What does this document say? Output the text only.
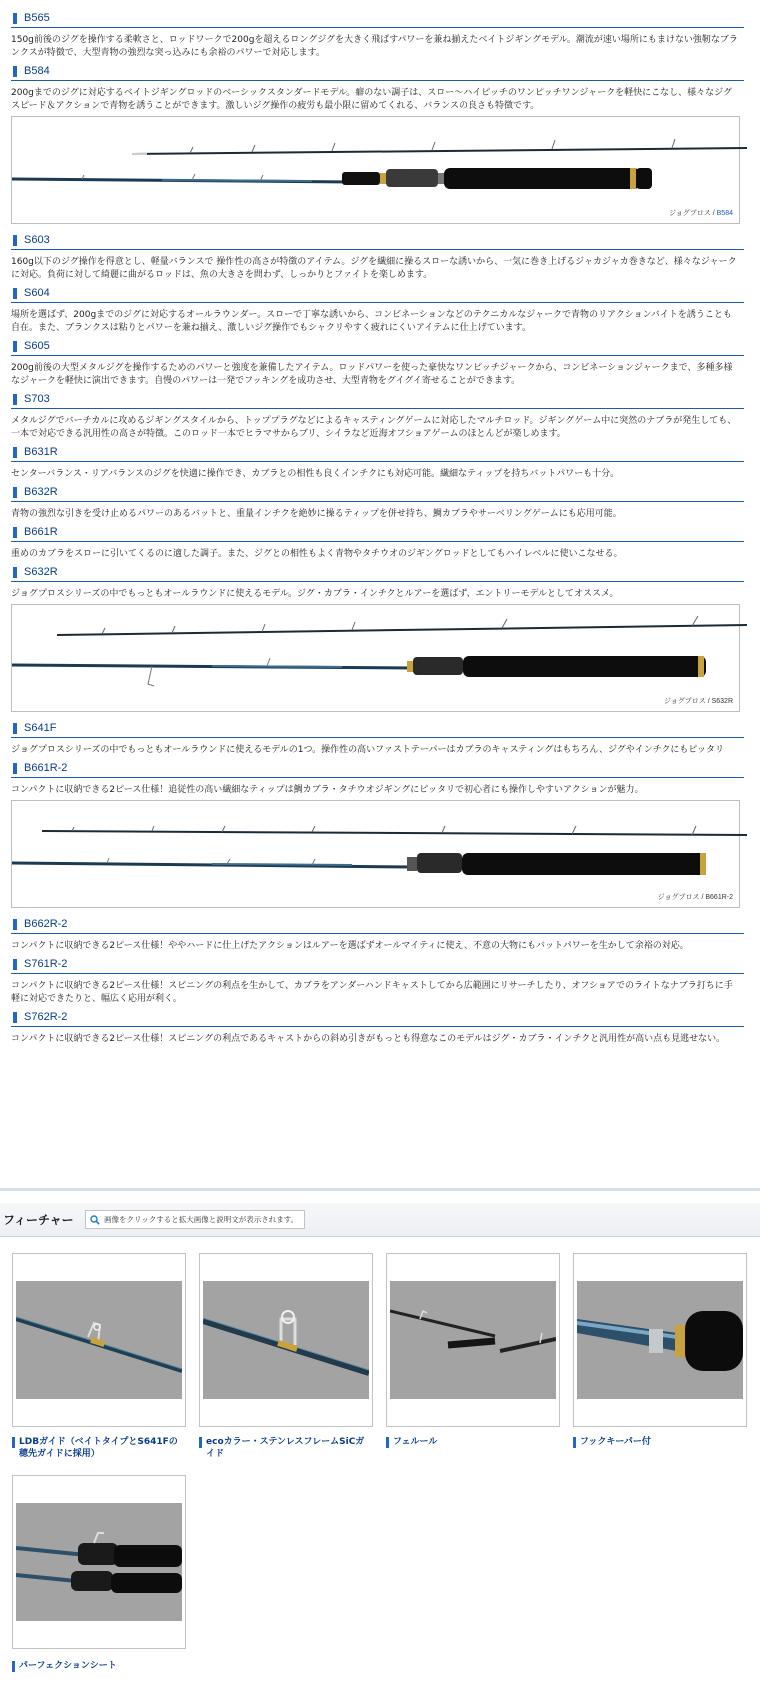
B565
150g前後のジグを操作する柔軟さと、ロッドワークで200gを超えるロングジグを大きく飛ばすパワーを兼ね揃えたベイトジギングモデル。潮流が速い場所にもまけない強靭なブランクスが特徴で、大型青物の強烈な突っ込みにも余裕のパワーで対応します。
B584
200gまでのジグに対応するベイトジギングロッドのベーシックスタンダードモデル。癖のない調子は、スロー〜ハイピッチのワンピッチワンジャークを軽快にこなし、様々なジグスピード＆アクションで青物を誘うことができます。激しいジグ操作の疲労も最小限に留めてくれる、バランスの良さも特徴です。
ジョグプロス / B584
S603
160g以下のジグ操作を得意とし、軽量バランスで 操作性の高さが特徴のアイテム。ジグを繊細に操るスローな誘いから、一気に巻き上げるジャカジャカ巻きなど、様々なジャークに対応。負荷に対して綺麗に曲がるロッドは、魚の大きさを問わず、しっかりとファイトを楽しめます。
S604
場所を選ばず、200gまでのジグに対応するオールラウンダー。スローで丁寧な誘いから、コンビネーションなどのテクニカルなジャークで青物のリアクションバイトを誘うことも自在。また、ブランクスは粘りとパワーを兼ね揃え、激しいジグ操作でもシャクリやすく疲れにくいアイテムに仕上げています。
S605
200g前後の大型メタルジグを操作するためのパワーと強度を兼備したアイテム。ロッドパワーを使った豪快なワンピッチジャークから、コンビネーションジャークまで、多種多様なジャークを軽快に演出できます。自慢のパワーは一発でフッキングを成功させ、大型青物をグイグイ寄せることができます。
S703
メタルジグでバーチカルに攻めるジギングスタイルから、トッププラグなどによるキャスティングゲームに対応したマルチロッド。ジギングゲーム中に突然のナブラが発生しても、一本で対応できる汎用性の高さが特徴。このロッド一本でヒラマサからブリ、シイラなど近海オフショアゲームのほとんどが楽しめます。
B631R
センターバランス・リアバランスのジグを快適に操作でき、カブラとの相性も良くインチクにも対応可能。繊細なティップを持ちバットパワーも十分。
B632R
青物の強烈な引きを受け止めるパワーのあるバットと、重量インチクを絶妙に操るティップを併せ持ち、鯛カブラやサーベリングゲームにも応用可能。
B661R
重めのカブラをスローに引いてくるのに適した調子。また、ジグとの相性もよく青物やタチウオのジギングロッドとしてもハイレベルに使いこなせる。
S632R
ジョグプロスシリーズの中でもっともオールラウンドに使えるモデル。ジグ・カブラ・インチクとルアーを選ばず、エントリーモデルとしてオススメ。
ジョグプロス / S632R
S641F
ジョグプロスシリーズの中でもっともオールラウンドに使えるモデルの1つ。操作性の高いファストテーパーはカブラのキャスティングはもちろん、ジグやインチクにもピッタリ
B661R-2
コンパクトに収納できる2ピース仕様！追従性の高い繊細なティップは鯛カブラ・タチウオジギングにピッタリで初心者にも操作しやすいアクションが魅力。
ジョグプロス / B661R-2
B662R-2
コンパクトに収納できる2ピース仕様！ややハードに仕上げたアクションはルアーを選ばずオールマイティに使え、不意の大物にもバットパワーを生かして余裕の対応。
S761R-2
コンパクトに収納できる2ピース仕様！スピニングの利点を生かして、カブラをアンダーハンドキャストしてから広範囲にリサーチしたり、オフショアでのライトなナブラ打ちに手軽に対応できたりと、幅広く応用が利く。
S762R-2
コンパクトに収納できる2ピース仕様！スピニングの利点であるキャストからの斜め引きがもっとも得意なこのモデルはジグ・カブラ・インチクと汎用性が高い点も見逃せない。
フィーチャー	画像をクリックすると拡大画像と説明文が表示されます。
LDBガイド（ベイトタイプとS641Fの穂先ガイドに採用）
ecoカラー・ステンレスフレームSiCガイド
フェルール	フックキーパー付
パーフェクションシート
